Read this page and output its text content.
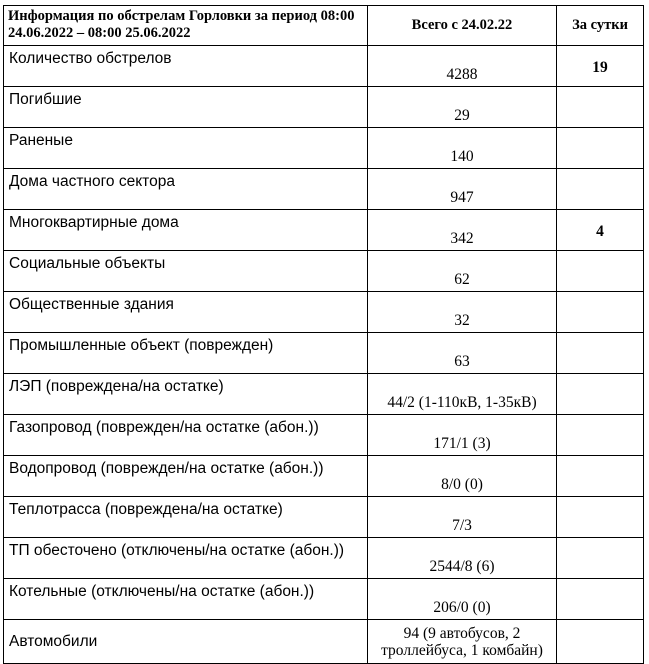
Информация по обстрелам Горловки за период 08:00 24.06.2022 – 08:00 25.06.2022	Всего с 24.02.22	За сутки
Количество обстрелов	4288	19
Погибшие	29	
Раненые	140	
Дома частного сектора	947	
Многоквартирные дома	342	4
Социальные объекты	62	
Общественные здания	32	
Промышленные объект (поврежден)	63	
ЛЭП (повреждена/на остатке)	44/2 (1-110кВ, 1-35кВ)	
Газопровод (поврежден/на остатке (абон.))	171/1 (3)	
Водопровод (поврежден/на остатке (абон.))	8/0 (0)	
Теплотрасса (повреждена/на остатке)	7/3	
ТП обесточено (отключены/на остатке (абон.))	2544/8 (6)	
Котельные (отключены/на остатке (абон.))	206/0 (0)	
Автомобили	94 (9 автобусов, 2 троллейбуса, 1 комбайн)	
